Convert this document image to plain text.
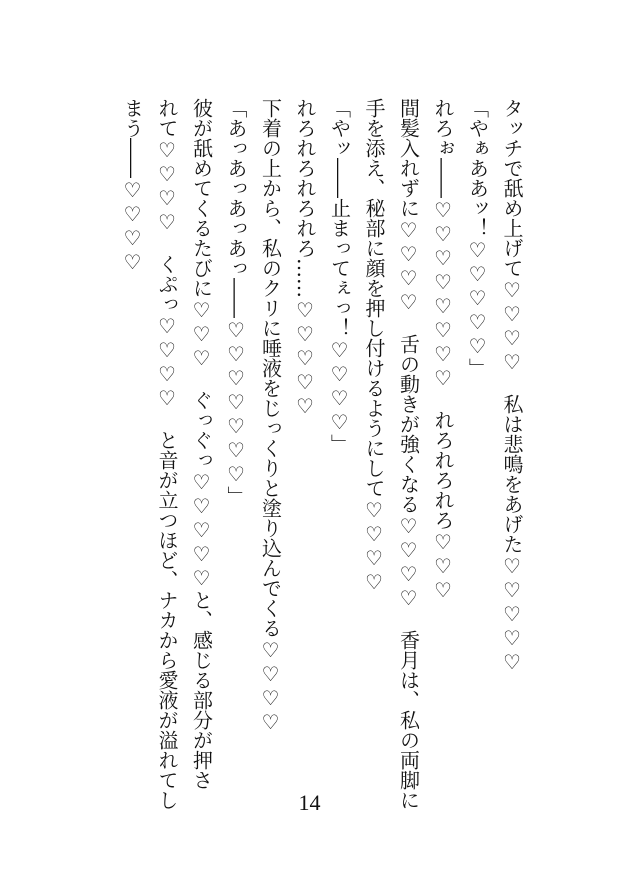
タッチで舐め上げて♡♡♡♡　私は悲鳴をあげた♡♡♡♡♡
「やぁああッ！♡♡♡♡♡」
れろぉ――♡♡♡♡♡♡♡♡　れろれろれろ♡♡♡
間髪入れずに♡♡♡♡　舌の動きが強くなる♡♡♡♡　香月は、私の両脚に
手を添え、秘部に顔を押し付けるようにして♡♡♡♡
「やッ――止まってぇっ！♡♡♡♡」
れろれろれろれろ……♡♡♡♡♡
下着の上から、私のクリに唾液をじっくりと塗り込んでくる♡♡♡♡
「あっあっあっあっ――♡♡♡♡♡♡♡」
彼が舐めてくるたびに♡♡♡　ぐっぐっ♡♡♡♡♡と、感じる部分が押さ
れて♡♡♡♡　くぷっ♡♡♡♡　と音が立つほど、ナカから愛液が溢れてし
まう――♡♡♡♡
14
